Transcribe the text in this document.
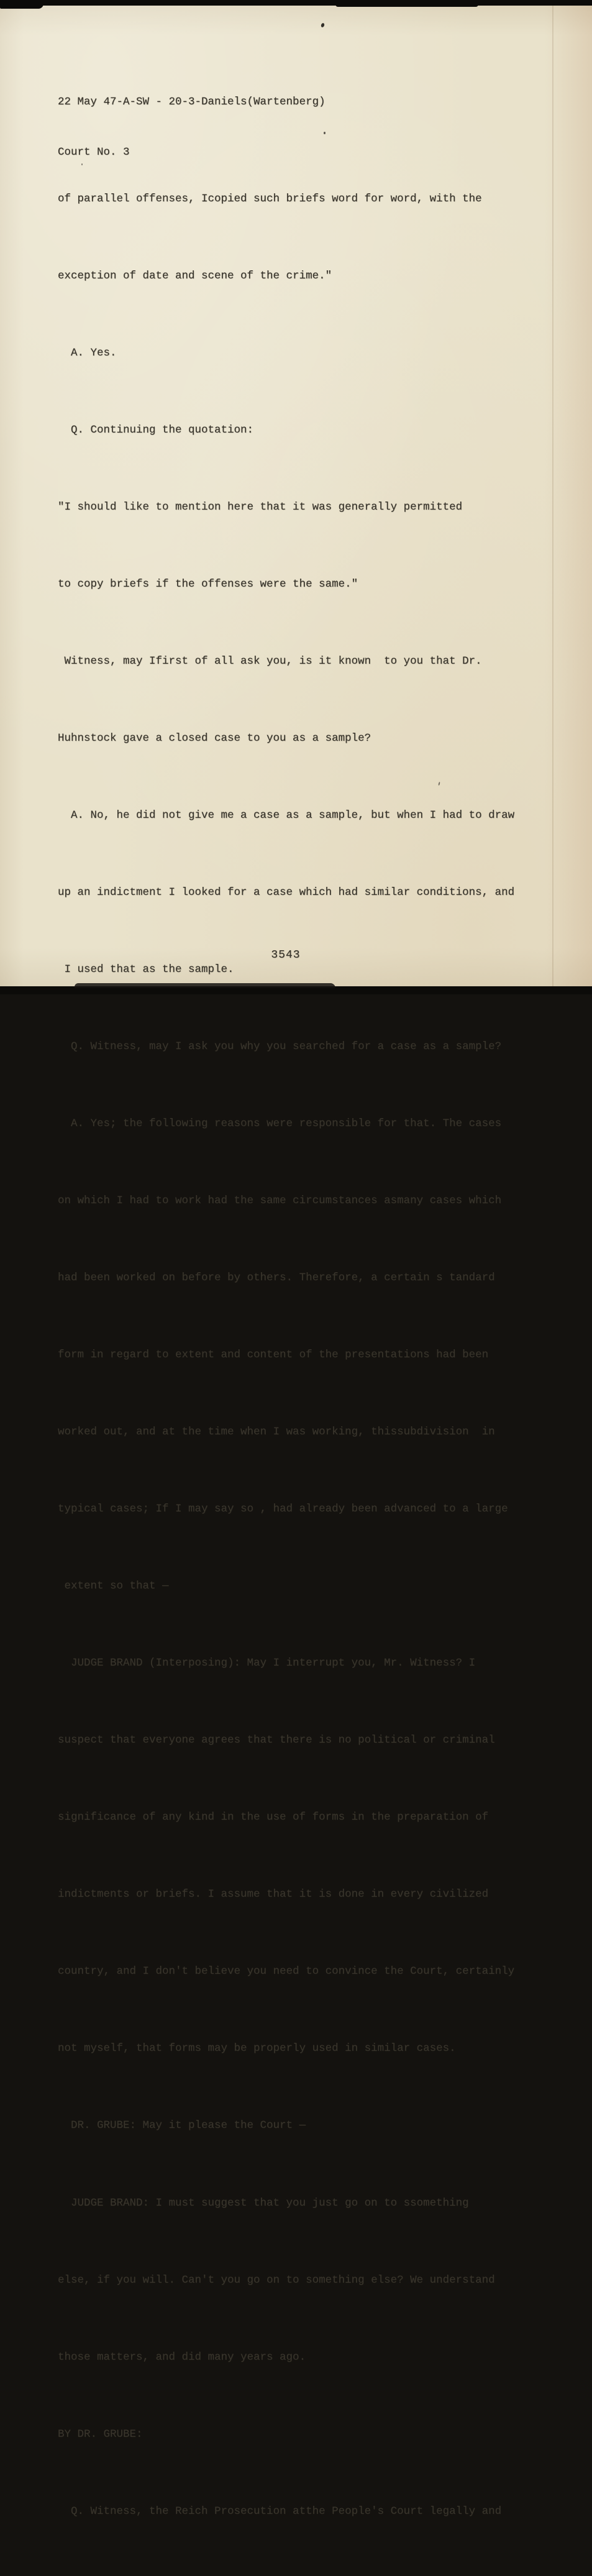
22 May 47-A-SW - 20-3-Daniels(Wartenberg)

Court No. 3

of parallel offenses, Icopied such briefs word for word, with the

exception of date and scene of the crime."

A. Yes.

Q. Continuing the quotation:

"I should like to mention here that it was generally permitted

to copy briefs if the offenses were the same."

Witness, may Ifirst of all ask you, is it known  to you that Dr.

Huhnstock gave a closed case to you as a sample?

A. No, he did not give me a case as a sample, but when I had to draw

up an indictment I looked for a case which had similar conditions, and

I used that as the sample.

Q. Witness, may I ask you why you searched for a case as a sample?

A. Yes; the following reasons were responsible for that. The cases

on which I had to work had the same circumstances asmany cases which

had been worked on before by others. Therefore, a certain s tandard

form in regard to extent and content of the presentations had been

worked out, and at the time when I was working, thissubdivision  in

typical cases; If I may say so , had already been advanced to a large

extent so that —

JUDGE BRAND (Interposing): May I interrupt you, Mr. Witness? I

suspect that everyone agrees that there is no political or criminal

significance of any kind in the use of forms in the preparation of

indictments or briefs. I assume that it is done in every civilized

country, and I don't believe you need to convince the Court, certainly

not myself, that forms may be properly used in similar cases.

DR. GRUBE: May it please the Court —

JUDGE BRAND: I must suggest that you just go on to ssomething

else, if you will. Can't you go on to something else? We understand

those matters, and did many years ago.

BY DR. GRUBE:

Q. Witness, the Reich Prosecution atthe People's Court legally and

3543
